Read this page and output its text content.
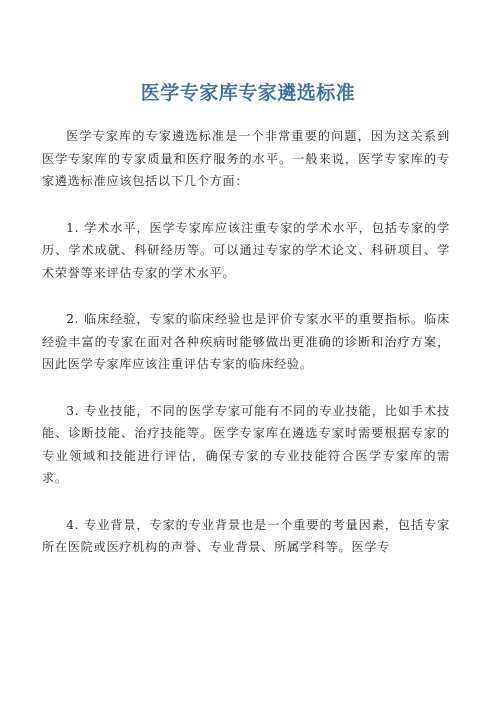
医学专家库专家遴选标准

医学专家库的专家遴选标准是一个非常重要的问题，因为这关系到医学专家库的专家质量和医疗服务的水平。一般来说，医学专家库的专家遴选标准应该包括以下几个方面：

1. 学术水平，医学专家库应该注重专家的学术水平，包括专家的学历、学术成就、科研经历等。可以通过专家的学术论文、科研项目、学术荣誉等来评估专家的学术水平。

2. 临床经验，专家的临床经验也是评价专家水平的重要指标。临床经验丰富的专家在面对各种疾病时能够做出更准确的诊断和治疗方案，因此医学专家库应该注重评估专家的临床经验。

3. 专业技能，不同的医学专家可能有不同的专业技能，比如手术技能、诊断技能、治疗技能等。医学专家库在遴选专家时需要根据专家的专业领域和技能进行评估，确保专家的专业技能符合医学专家库的需求。

4. 专业背景，专家的专业背景也是一个重要的考量因素，包括专家所在医院或医疗机构的声誉、专业背景、所属学科等。医学专
